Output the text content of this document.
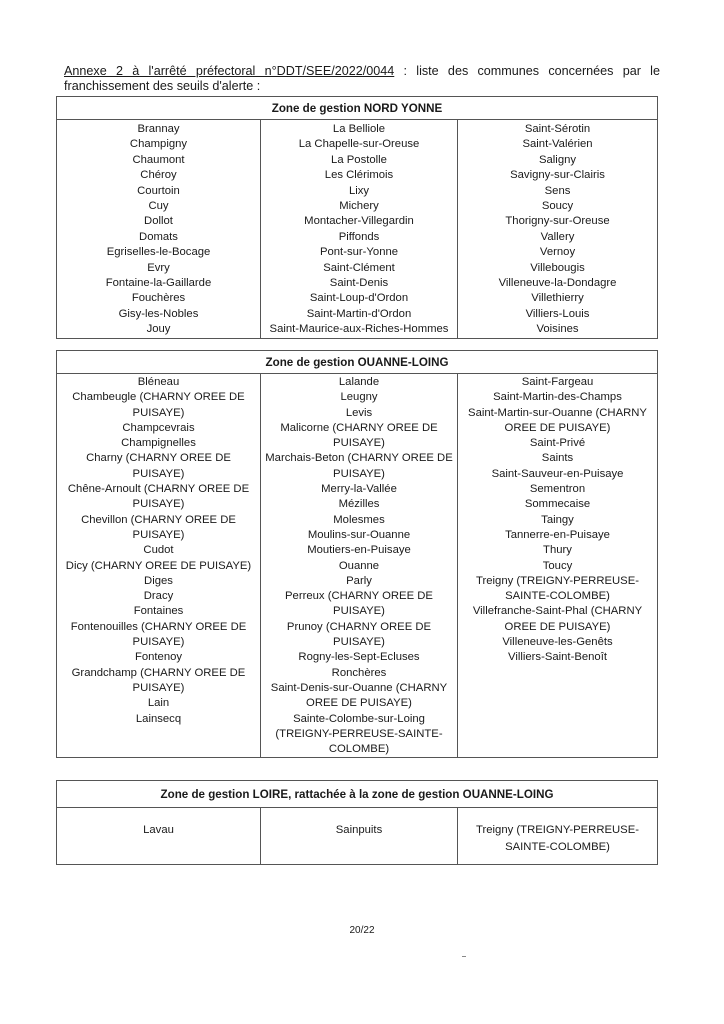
Annexe 2 à l'arrêté préfectoral n°DDT/SEE/2022/0044 : liste des communes concernées par le franchissement des seuils d'alerte :
Zone de gestion NORD YONNE

Brannay
Champigny
Chaumont
Chéroy
Courtoin
Cuy
Dollot
Domats
Egriselles-le-Bocage
Evry
Fontaine-la-Gaillarde
Fouchères
Gisy-les-Nobles
Jouy

La Belliole
La Chapelle-sur-Oreuse
La Postolle
Les Clérimois
Lixy
Michery
Montacher-Villegardin
Piffonds
Pont-sur-Yonne
Saint-Clément
Saint-Denis
Saint-Loup-d'Ordon
Saint-Martin-d'Ordon
Saint-Maurice-aux-Riches-Hommes

Saint-Sérotin
Saint-Valérien
Saligny
Savigny-sur-Clairis
Sens
Soucy
Thorigny-sur-Oreuse
Vallery
Vernoy
Villebougis
Villeneuve-la-Dondagre
Villethierry
Villiers-Louis
Voisines
Zone de gestion OUANNE-LOING

Bléneau
Chambeugle (CHARNY OREE DE PUISAYE)
Champcevrais
Champignelles
Charny (CHARNY OREE DE PUISAYE)
Chêne-Arnoult (CHARNY OREE DE PUISAYE)
Chevillon (CHARNY OREE DE PUISAYE)
Cudot
Dicy (CHARNY OREE DE PUISAYE)
Diges
Dracy
Fontaines
Fontenouilles (CHARNY OREE DE PUISAYE)
Fontenoy
Grandchamp (CHARNY OREE DE PUISAYE)
Lain
Lainsecq

Lalande
Leugny
Levis
Malicorne (CHARNY OREE DE PUISAYE)
Marchais-Beton (CHARNY OREE DE PUISAYE)
Merry-la-Vallée
Mézilles
Molesmes
Moulins-sur-Ouanne
Moutiers-en-Puisaye
Ouanne
Parly
Perreux (CHARNY OREE DE PUISAYE)
Prunoy (CHARNY OREE DE PUISAYE)
Rogny-les-Sept-Ecluses
Ronchères
Saint-Denis-sur-Ouanne (CHARNY OREE DE PUISAYE)
Sainte-Colombe-sur-Loing (TREIGNY-PERREUSE-SAINTE-COLOMBE)

Saint-Fargeau
Saint-Martin-des-Champs
Saint-Martin-sur-Ouanne (CHARNY OREE DE PUISAYE)
Saint-Privé
Saints
Saint-Sauveur-en-Puisaye
Sementron
Sommecaise
Taingy
Tannerre-en-Puisaye
Thury
Toucy
Treigny (TREIGNY-PERREUSE-SAINTE-COLOMBE)
Villefranche-Saint-Phal (CHARNY OREE DE PUISAYE)
Villeneuve-les-Genêts
Villiers-Saint-Benoît
Zone de gestion LOIRE, rattachée à la zone de gestion OUANNE-LOING

Lavau	Sainpuits	Treigny (TREIGNY-PERREUSE-SAINTE-COLOMBE)
20/22
